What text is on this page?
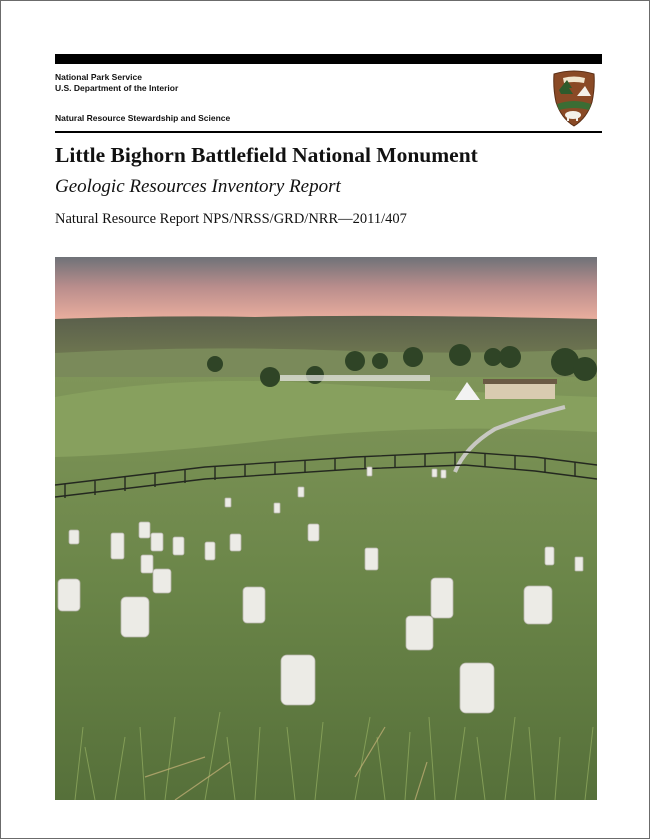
National Park Service
U.S. Department of the Interior
Natural Resource Stewardship and Science
Little Bighorn Battlefield National Monument
Geologic Resources Inventory Report
Natural Resource Report NPS/NRSS/GRD/NRR—2011/407
